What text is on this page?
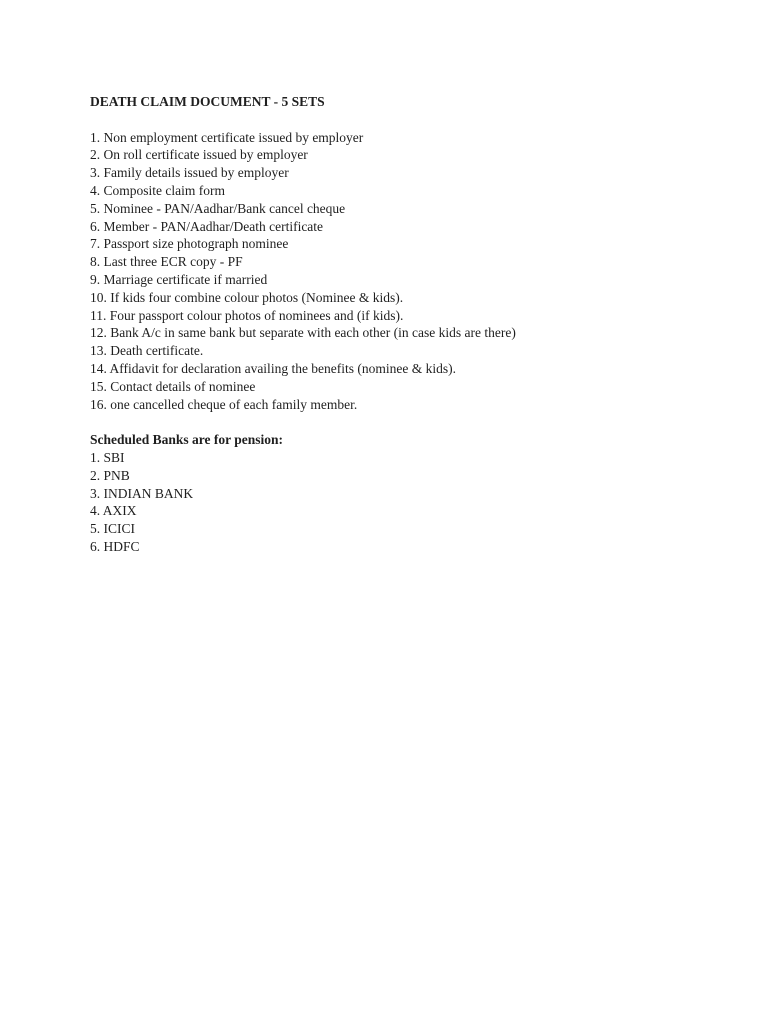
DEATH CLAIM DOCUMENT - 5 SETS

1. Non employment certificate issued by employer

2. On roll certificate issued by employer

3. Family details issued by employer

4. Composite claim form

5. Nominee - PAN/Aadhar/Bank cancel cheque

6. Member - PAN/Aadhar/Death certificate

7. Passport size photograph nominee

8. Last three ECR copy - PF

9. Marriage certificate if married

10. If kids four combine colour photos (Nominee & kids).

11. Four passport colour photos of nominees and (if kids).

12. Bank A/c in same bank but separate with each other (in case kids are there)

13. Death certificate.

14. Affidavit for declaration availing the benefits (nominee & kids).

15. Contact details of nominee

16. one cancelled cheque of each family member.

Scheduled Banks are for pension:

1. SBI

2. PNB

3. INDIAN BANK

4. AXIX

5. ICICI

6. HDFC
